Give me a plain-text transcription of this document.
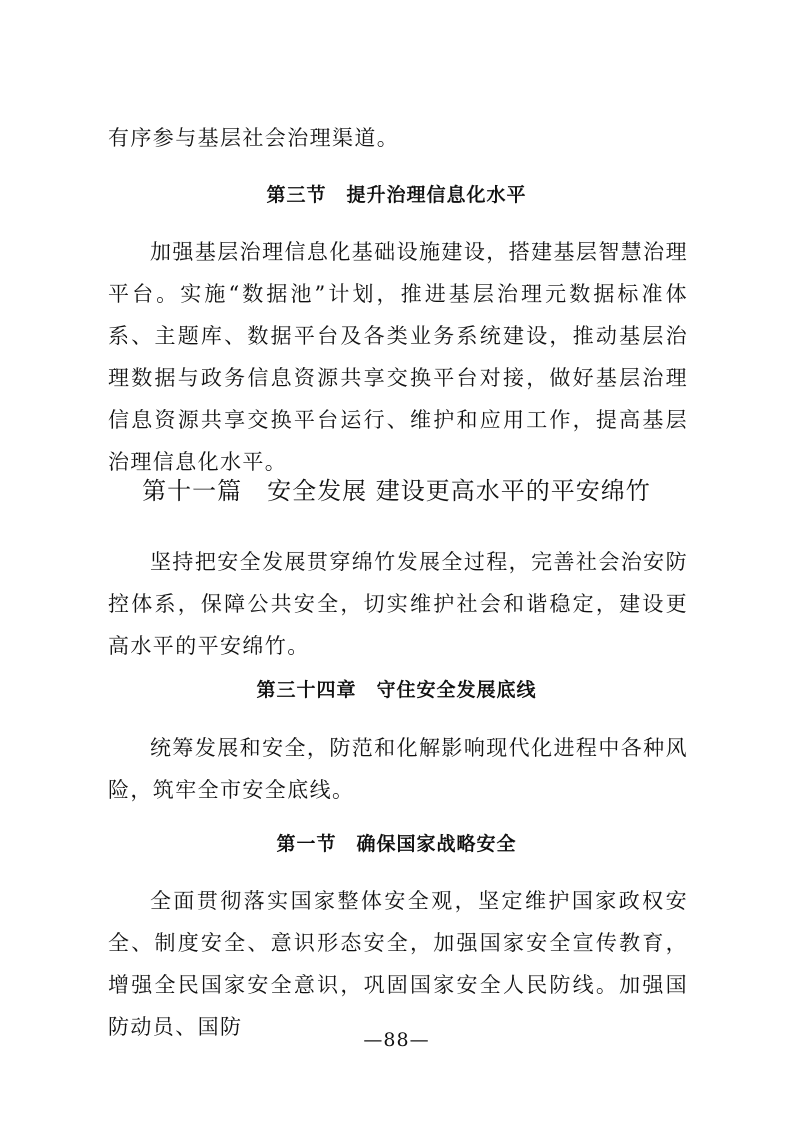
有序参与基层社会治理渠道。

第三节　提升治理信息化水平

加强基层治理信息化基础设施建设，搭建基层智慧治理平台。实施“数据池”计划，推进基层治理元数据标准体系、主题库、数据平台及各类业务系统建设，推动基层治理数据与政务信息资源共享交换平台对接，做好基层治理信息资源共享交换平台运行、维护和应用工作，提高基层治理信息化水平。

第十一篇　安全发展 建设更高水平的平安绵竹

坚持把安全发展贯穿绵竹发展全过程，完善社会治安防控体系，保障公共安全，切实维护社会和谐稳定，建设更高水平的平安绵竹。

第三十四章　守住安全发展底线

统筹发展和安全，防范和化解影响现代化进程中各种风险，筑牢全市安全底线。

第一节　确保国家战略安全

全面贯彻落实国家整体安全观，坚定维护国家政权安全、制度安全、意识形态安全，加强国家安全宣传教育，增强全民国家安全意识，巩固国家安全人民防线。加强国防动员、国防

—88—
